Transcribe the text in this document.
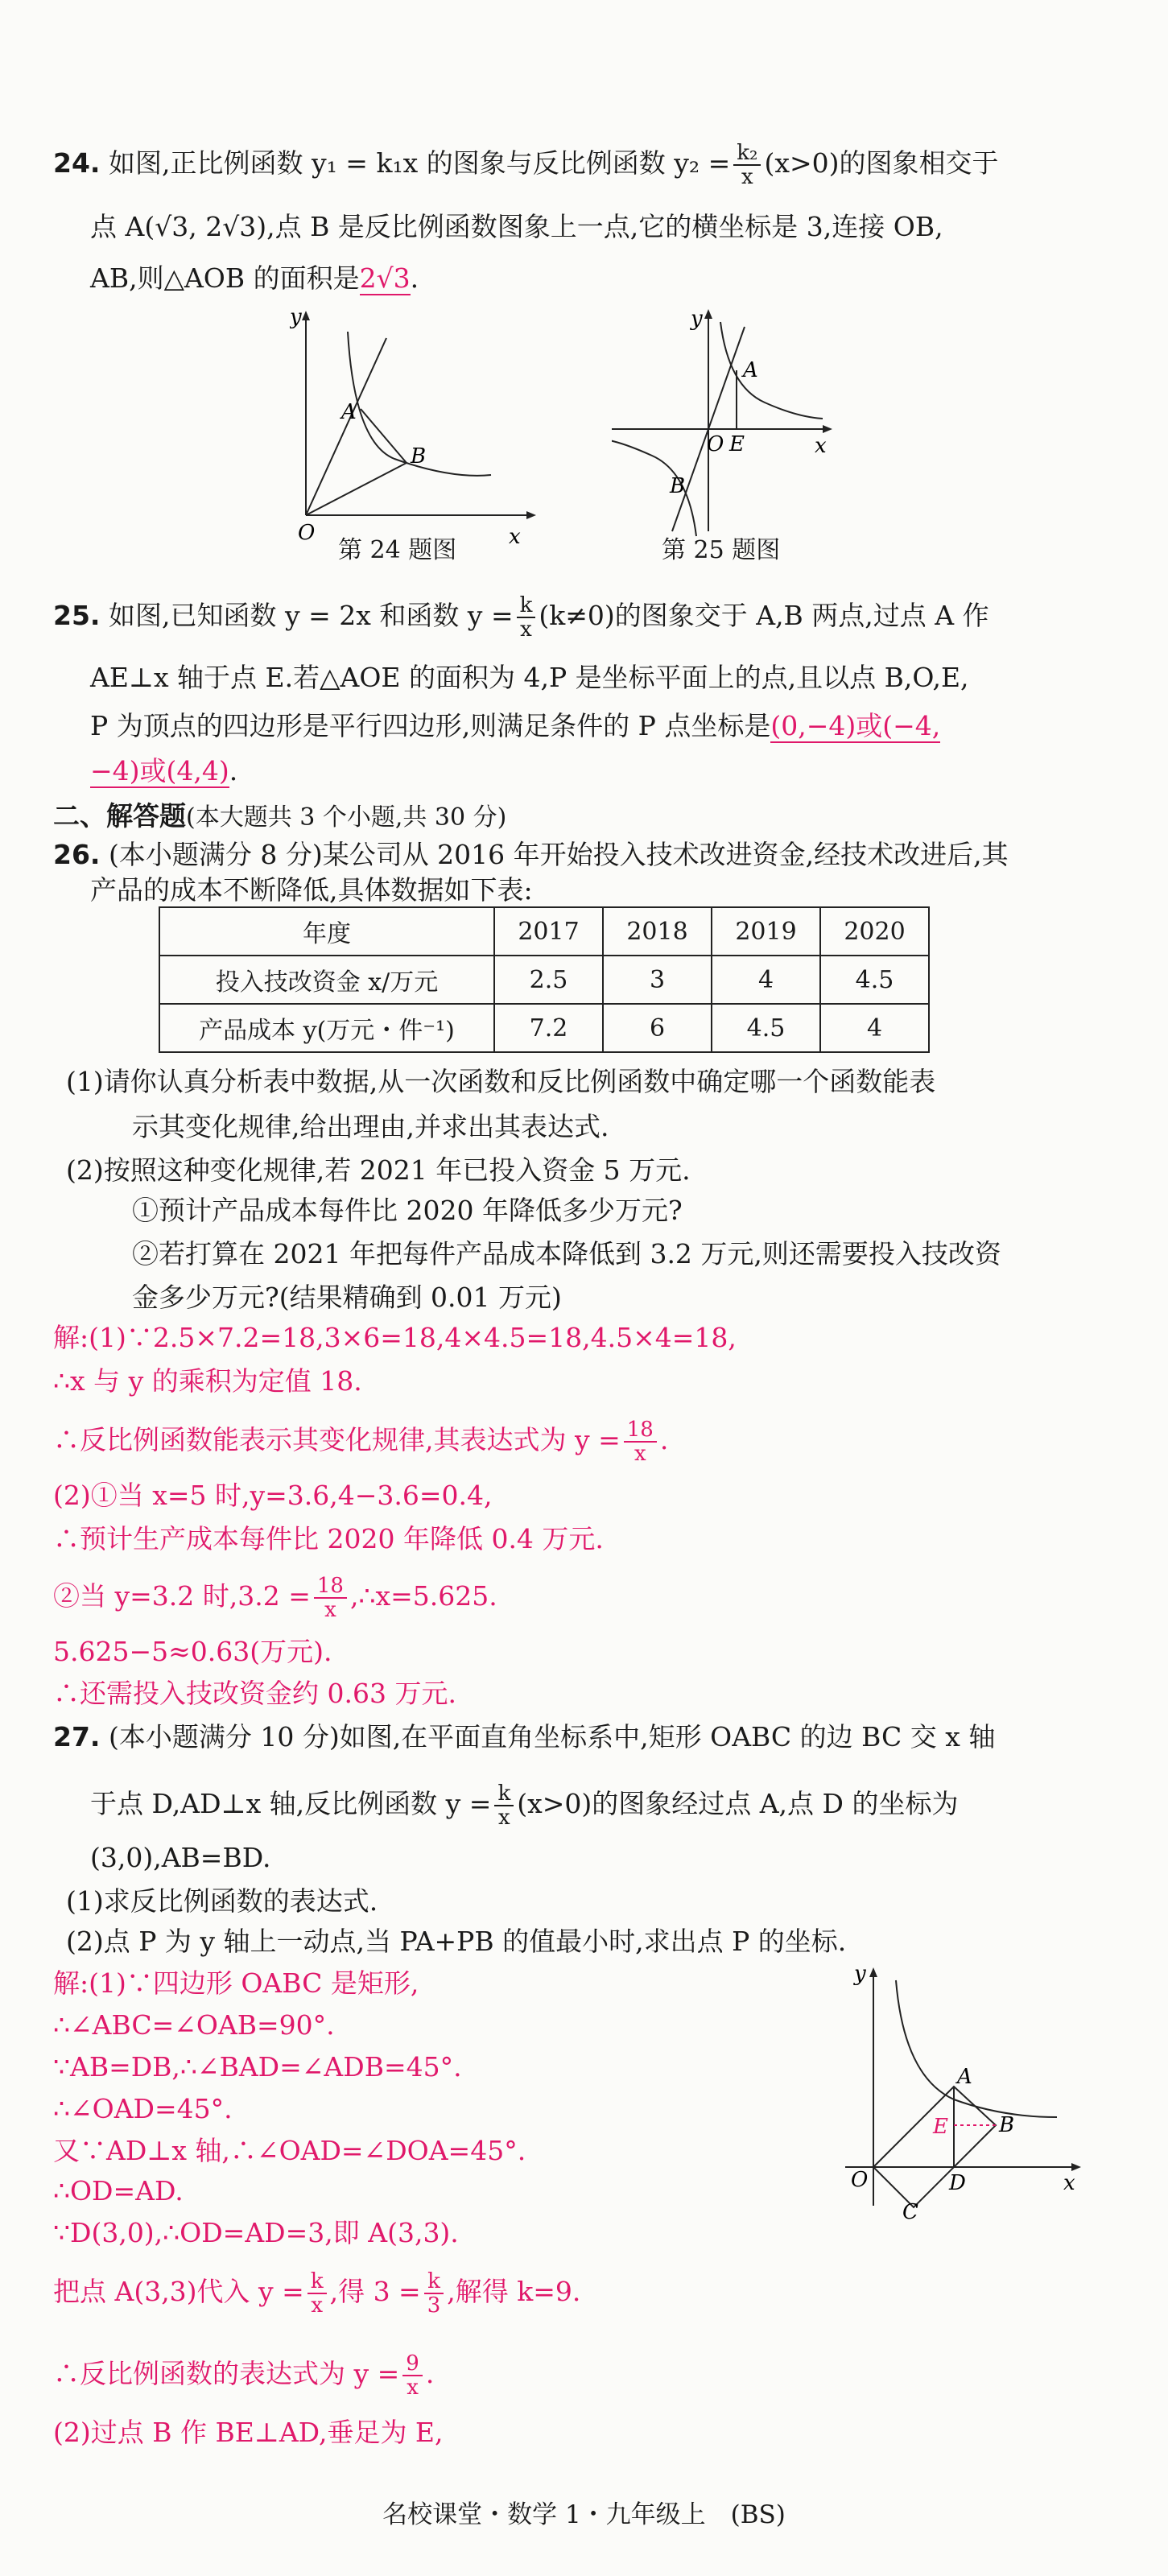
24. 如图,正比例函数 y₁ = k₁x 的图象与反比例函数 $y_2 = \frac{\text{k₂}}{x} (x>0)$的图象相交于
点 A(√3, 2√3),点 B 是反比例函数图象上一点,它的横坐标是 3,连接 OB,
AB,则△AOB 的面积是2√3.
y
x
O
A
B
第 24 题图
y
x
O E
A
B
第 25 题图
25. 如图,已知函数 y = 2x 和函数 $y = \frac{k}{x} (k\ne 0)$的图象交于 A,B 两点,过点 A 作
AE⊥x 轴于点 E.若△AOE 的面积为 4,P 是坐标平面上的点,且以点 B,O,E,
P 为顶点的四边形是平行四边形,则满足条件的 P 点坐标是(0,−4)或(−4,
−4)或(4,4).
二、解答题(本大题共 3 个小题,共 30 分)
26. (本小题满分 8 分)某公司从 2016 年开始投入技术改进资金,经技术改进后,其
产品的成本不断降低,具体数据如下表:
年度	2017	2018	2019	2020
投入技改资金 x/万元	2.5	3	4	4.5
产品成本 y(万元・件⁻¹)	7.2	6	4.5	4
(1)请你认真分析表中数据,从一次函数和反比例函数中确定哪一个函数能表
示其变化规律,给出理由,并求出其表达式.
(2)按照这种变化规律,若 2021 年已投入资金 5 万元.
①预计产品成本每件比 2020 年降低多少万元?
②若打算在 2021 年把每件产品成本降低到 3.2 万元,则还需要投入技改资
金多少万元?(结果精确到 0.01 万元)
解:(1)∵2.5×7.2=18,3×6=18,4×4.5=18,4.5×4=18,
∴x 与 y 的乘积为定值 18.
∴反比例函数能表示其变化规律,其表达式为 $y = \frac{18}{x}$ .
(2)①当 x=5 时,y=3.6,4−3.6=0.4,
∴预计生产成本每件比 2020 年降低 0.4 万元.
②当 y=3.2 时$,3.2 = \frac{18}{x}$ ,∴x=5.625.
5.625−5≈0.63(万元).
∴还需投入技改资金约 0.63 万元.
27. (本小题满分 10 分)如图,在平面直角坐标系中,矩形 OABC 的边 BC 交 x 轴
于点 D,AD⊥x 轴,反比例函数 $y = \frac{k}{x} (x>0)$的图象经过点 A,点 D 的坐标为
(3,0),AB=BD.
(1)求反比例函数的表达式.
(2)点 P 为 y 轴上一动点,当 PA+PB 的值最小时,求出点 P 的坐标.
解:(1)∵四边形 OABC 是矩形,
∴∠ABC=∠OAB=90°.
∵AB=DB,∴∠BAD=∠ADB=45°.
∴∠OAD=45°.
又∵AD⊥x 轴,∴∠OAD=∠DOA=45°.
∴OD=AD.
∵D(3,0),∴OD=AD=3,即 A(3,3).
把点 A(3,3)代入 $y = \frac{k}{x}$ ,得 $3 = \frac{k}{3}$ ,解得 k=9.
∴反比例函数的表达式为 $y = \frac{9}{x}$ .
(2)过点 B 作 BE⊥AD,垂足为 E,
y
x
O
A
B
C
D
E
名校课堂・数学 1・九年级上　(BS)
